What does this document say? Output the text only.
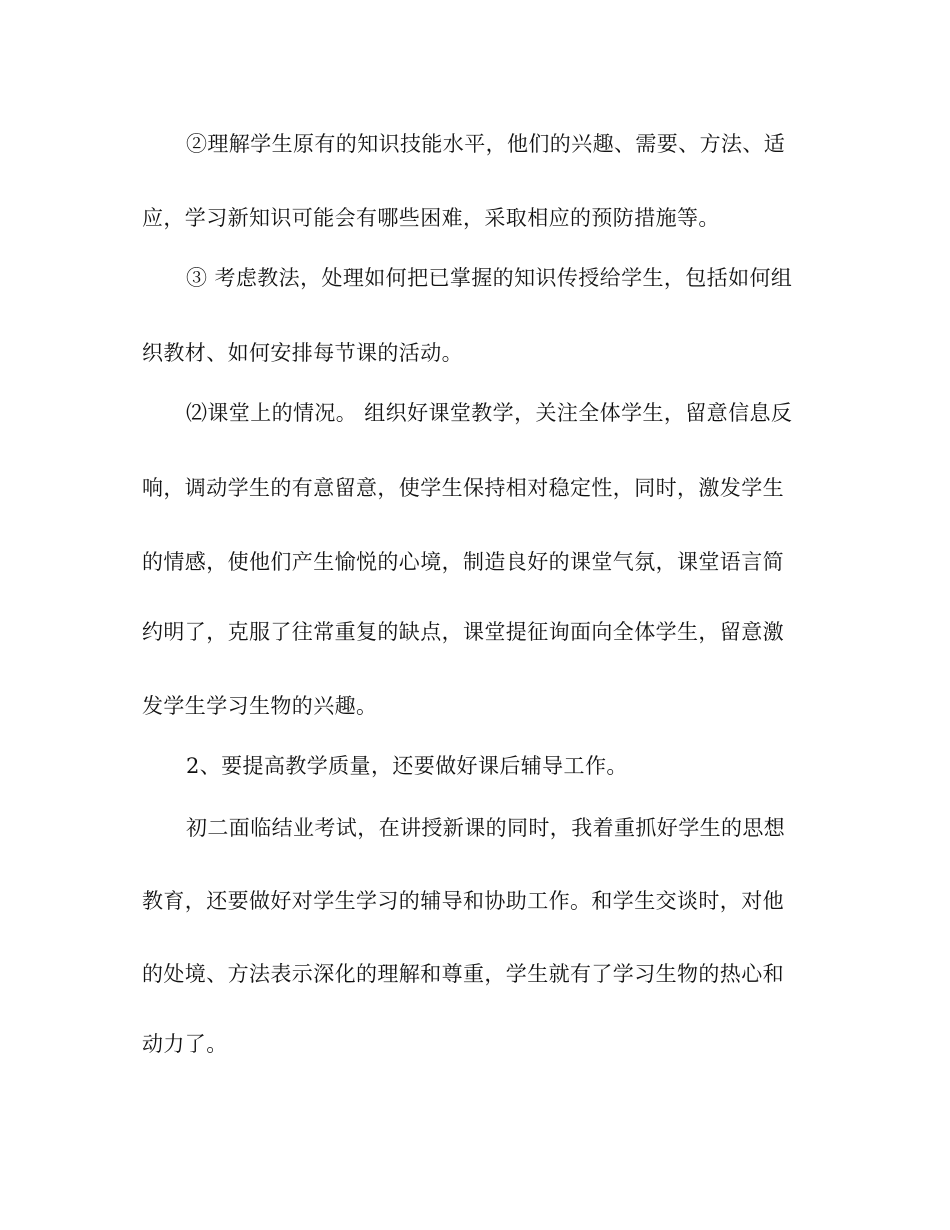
②理解学生原有的知识技能水平，他们的兴趣、需要、方法、适
应，学习新知识可能会有哪些困难，采取相应的预防措施等。
③ 考虑教法，处理如何把已掌握的知识传授给学生，包括如何组
织教材、如何安排每节课的活动。
⑵课堂上的情况。 组织好课堂教学，关注全体学生，留意信息反
响，调动学生的有意留意，使学生保持相对稳定性，同时，激发学生
的情感，使他们产生愉悦的心境，制造良好的课堂气氛，课堂语言简
约明了，克服了往常重复的缺点，课堂提征询面向全体学生，留意激
发学生学习生物的兴趣。
2、要提高教学质量，还要做好课后辅导工作。
初二面临结业考试，在讲授新课的同时，我着重抓好学生的思想
教育，还要做好对学生学习的辅导和协助工作。和学生交谈时，对他
的处境、方法表示深化的理解和尊重，学生就有了学习生物的热心和
动力了。
